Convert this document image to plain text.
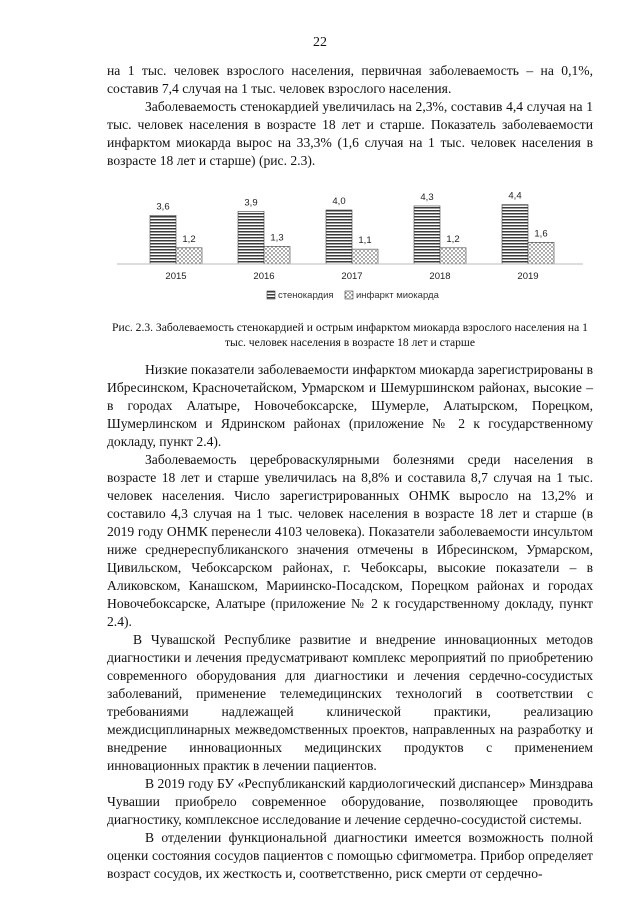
22

на 1 тыс. человек взрослого населения, первичная заболеваемость – на 0,1%, составив 7,4 случая на 1 тыс. человек взрослого населения.

Заболеваемость стенокардией увеличилась на 2,3%, составив 4,4 случая на 1 тыс. человек населения в возрасте 18 лет и старше. Показатель заболеваемости инфарктом миокарда вырос на 33,3% (1,6 случая на 1 тыс. человек населения в возрасте 18 лет и старше) (рис. 2.3).

3,6
1,2
3,9
1,3
4,0
1,1
4,3
1,2
4,4
1,6
2015	2016	2017	2018	2019
стенокардия инфаркт миокарда
Рис. 2.3. Заболеваемость стенокардией и острым инфарктом миокарда взрослого населения на 1 тыс. человек населения в возрасте 18 лет и старше

Низкие показатели заболеваемости инфарктом миокарда зарегистрированы в Ибресинском, Красночетайском, Урмарском и Шемуршинском районах, высокие – в городах Алатыре, Новочебоксарске, Шумерле, Алатырском, Порецком, Шумерлинском и Ядринском районах (приложение № 2 к государственному докладу, пункт 2.4).

Заболеваемость цереброваскулярными болезнями среди населения в возрасте 18 лет и старше увеличилась на 8,8% и составила 8,7 случая на 1 тыс. человек населения. Число зарегистрированных ОНМК выросло на 13,2% и составило 4,3 случая на 1 тыс. человек населения в возрасте 18 лет и старше (в 2019 году ОНМК перенесли 4103 человека). Показатели заболеваемости инсультом ниже среднереспубликанского значения отмечены в Ибресинском, Урмарском, Цивильском, Чебоксарском районах, г. Чебоксары, высокие показатели – в Аликовском, Канашском, Мариинско-Посадском, Порецком районах и городах Новочебоксарске, Алатыре (приложение № 2 к государственному докладу, пункт 2.4).

В Чувашской Республике развитие и внедрение инновационных методов диагностики и лечения предусматривают комплекс мероприятий по приобретению современного оборудования для диагностики и лечения сердечно-сосудистых заболеваний, применение телемедицинских технологий в соответствии с требованиями надлежащей клинической практики, реализацию междисциплинарных межведомственных проектов, направленных на разработку и внедрение инновационных медицинских продуктов с применением инновационных практик в лечении пациентов.

В 2019 году БУ «Республиканский кардиологический диспансер» Минздрава Чувашии приобрело современное оборудование, позволяющее проводить диагностику, комплексное исследование и лечение сердечно-сосудистой системы.

В отделении функциональной диагностики имеется возможность полной оценки состояния сосудов пациентов с помощью сфигмометра. Прибор определяет возраст сосудов, их жесткость и, соответственно, риск смерти от сердечно-
